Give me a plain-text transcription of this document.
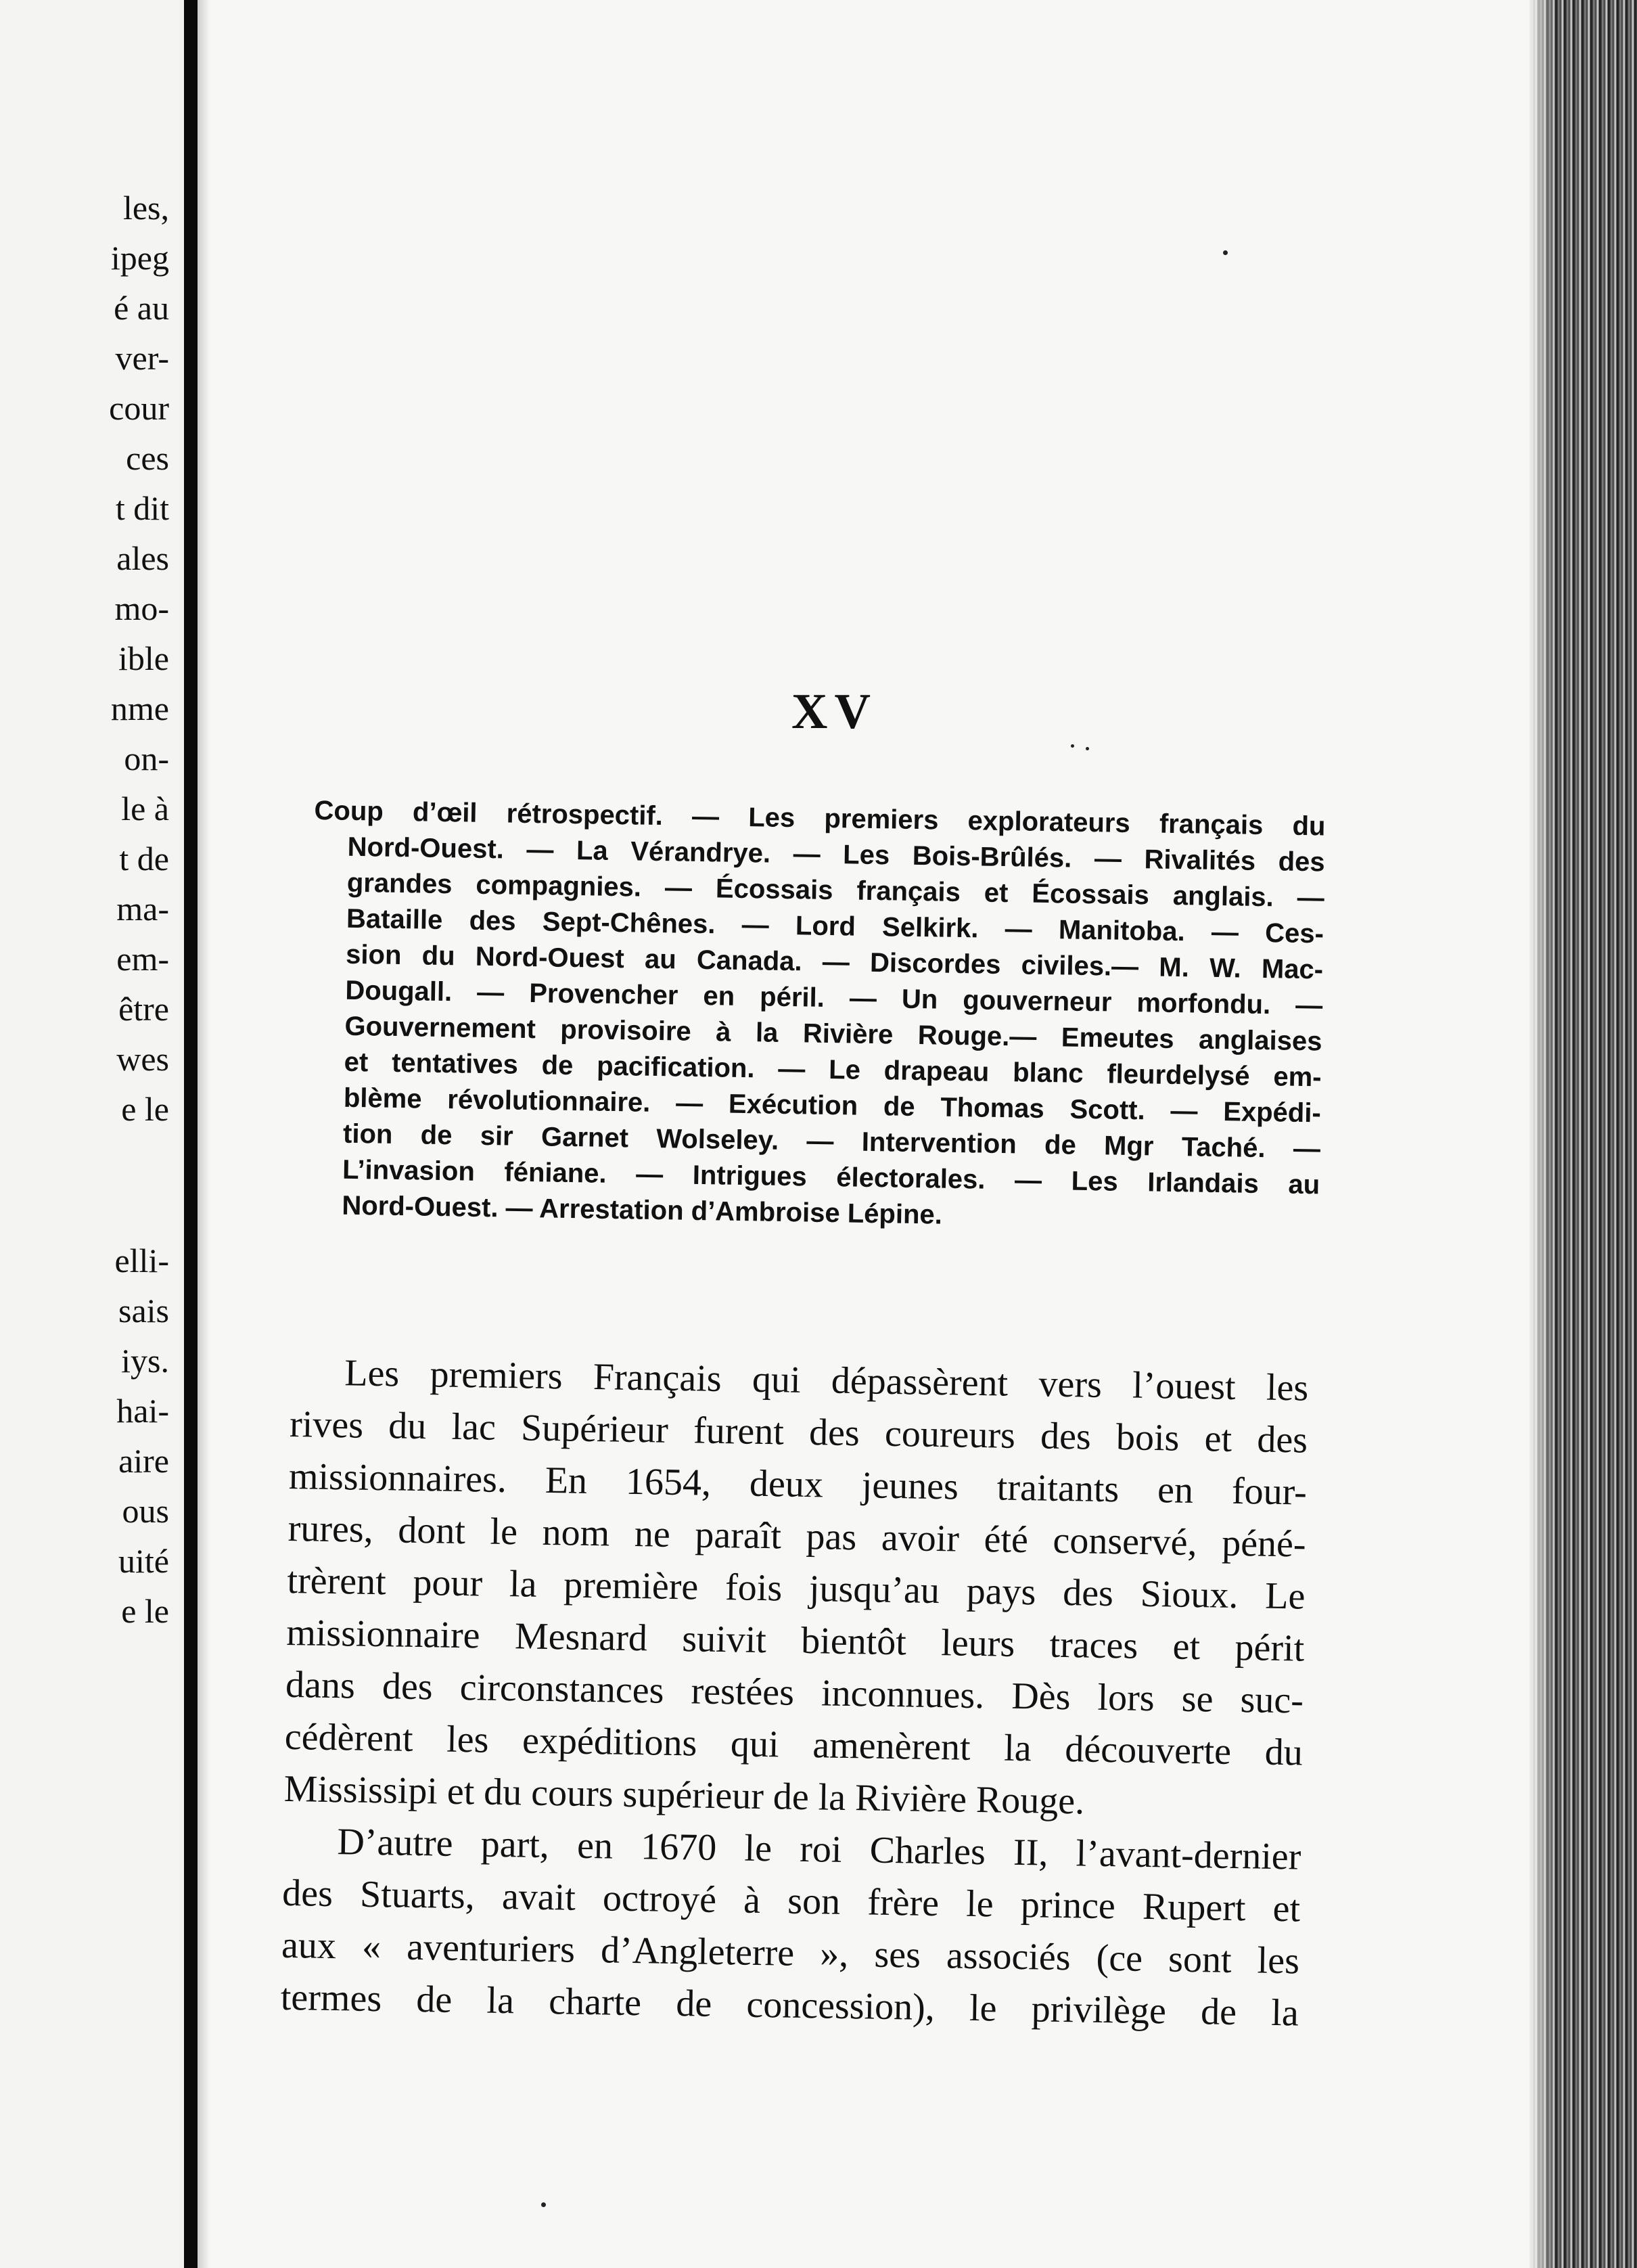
les,
ipeg
é au
ver-
cour
ces
t dit
ales
mo-
ible
nme
on-
le à
t de
ma-
em-
être
wes
e le
elli-
sais
iys.
hai-
aire
ous
uité
e le
XV
Coup d’œil rétrospectif. — Les premiers explorateurs français du
Nord-Ouest. — La Vérandrye. — Les Bois-Brûlés. — Rivalités des
grandes compagnies. — Écossais français et Écossais anglais. —
Bataille des Sept-Chênes. — Lord Selkirk. — Manitoba. — Ces-
sion du Nord-Ouest au Canada. — Discordes civiles.— M. W. Mac-
Dougall. — Provencher en péril. — Un gouverneur morfondu. —
Gouvernement provisoire à la Rivière Rouge.— Emeutes anglaises
et tentatives de pacification. — Le drapeau blanc fleurdelysé em-
blème révolutionnaire. — Exécution de Thomas Scott. — Expédi-
tion de sir Garnet Wolseley. — Intervention de Mgr Taché. —
L’invasion féniane. — Intrigues électorales. — Les Irlandais au
Nord-Ouest. — Arrestation d’Ambroise Lépine.
Les premiers Français qui dépassèrent vers l’ouest les
rives du lac Supérieur furent des coureurs des bois et des
missionnaires. En 1654, deux jeunes traitants en four-
rures, dont le nom ne paraît pas avoir été conservé, péné-
trèrent pour la première fois jusqu’au pays des Sioux. Le
missionnaire Mesnard suivit bientôt leurs traces et périt
dans des circonstances restées inconnues. Dès lors se suc-
cédèrent les expéditions qui amenèrent la découverte du
Mississipi et du cours supérieur de la Rivière Rouge.
D’autre part, en 1670 le roi Charles II, l’avant-dernier
des Stuarts, avait octroyé à son frère le prince Rupert et
aux « aventuriers d’Angleterre », ses associés (ce sont les
termes de la charte de concession), le privilège de la
